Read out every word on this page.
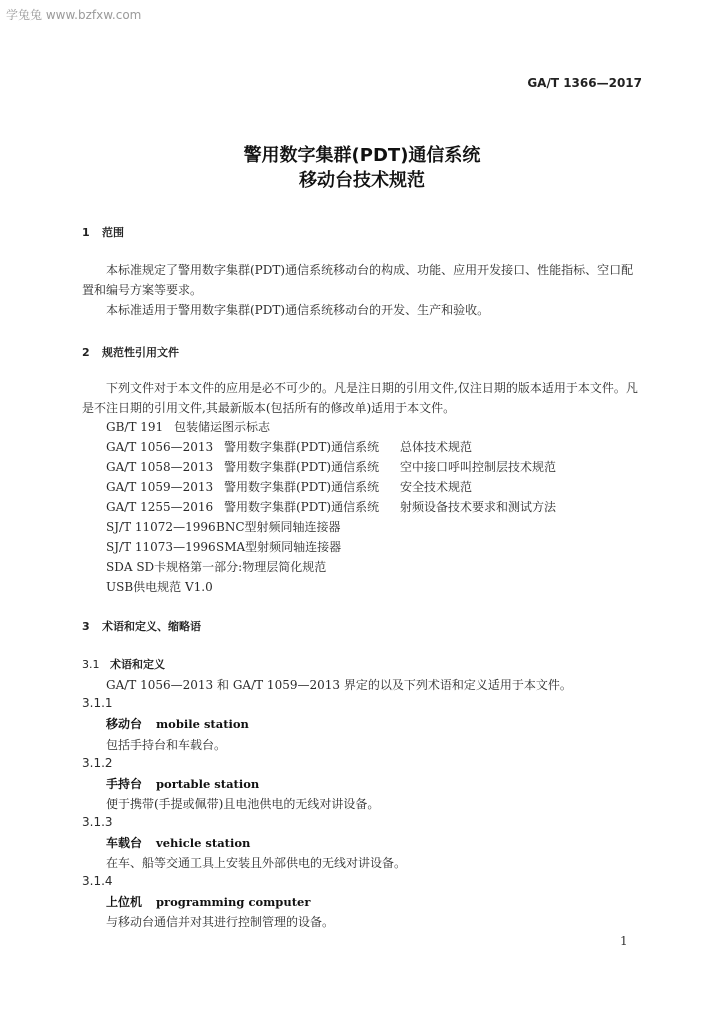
学兔兔 www.bzfxw.com
GA/T 1366—2017
警用数字集群(PDT)通信系统
移动台技术规范
1 范围
本标准规定了警用数字集群(PDT)通信系统移动台的构成、功能、应用开发接口、性能指标、空口配置和编号方案等要求。
本标准适用于警用数字集群(PDT)通信系统移动台的开发、生产和验收。
2 规范性引用文件
下列文件对于本文件的应用是必不可少的。凡是注日期的引用文件,仅注日期的版本适用于本文件。凡是不注日期的引用文件,其最新版本(包括所有的修改单)适用于本文件。
GB/T 191 包装储运图示标志
GA/T 1056—2013 警用数字集群(PDT)通信系统 总体技术规范
GA/T 1058—2013 警用数字集群(PDT)通信系统 空中接口呼叫控制层技术规范
GA/T 1059—2013 警用数字集群(PDT)通信系统 安全技术规范
GA/T 1255—2016 警用数字集群(PDT)通信系统 射频设备技术要求和测试方法
SJ/T 11072—1996BNC型射频同轴连接器
SJ/T 11073—1996SMA型射频同轴连接器
SDA SD卡规格第一部分:物理层简化规范
USB供电规范 V1.0
3 术语和定义、缩略语
3.1 术语和定义
GA/T 1056—2013 和 GA/T 1059—2013 界定的以及下列术语和定义适用于本文件。
3.1.1
移动台 mobile station
包括手持台和车载台。
3.1.2
手持台 portable station
便于携带(手提或佩带)且电池供电的无线对讲设备。
3.1.3
车载台 vehicle station
在车、船等交通工具上安装且外部供电的无线对讲设备。
3.1.4
上位机 programming computer
与移动台通信并对其进行控制管理的设备。
1
